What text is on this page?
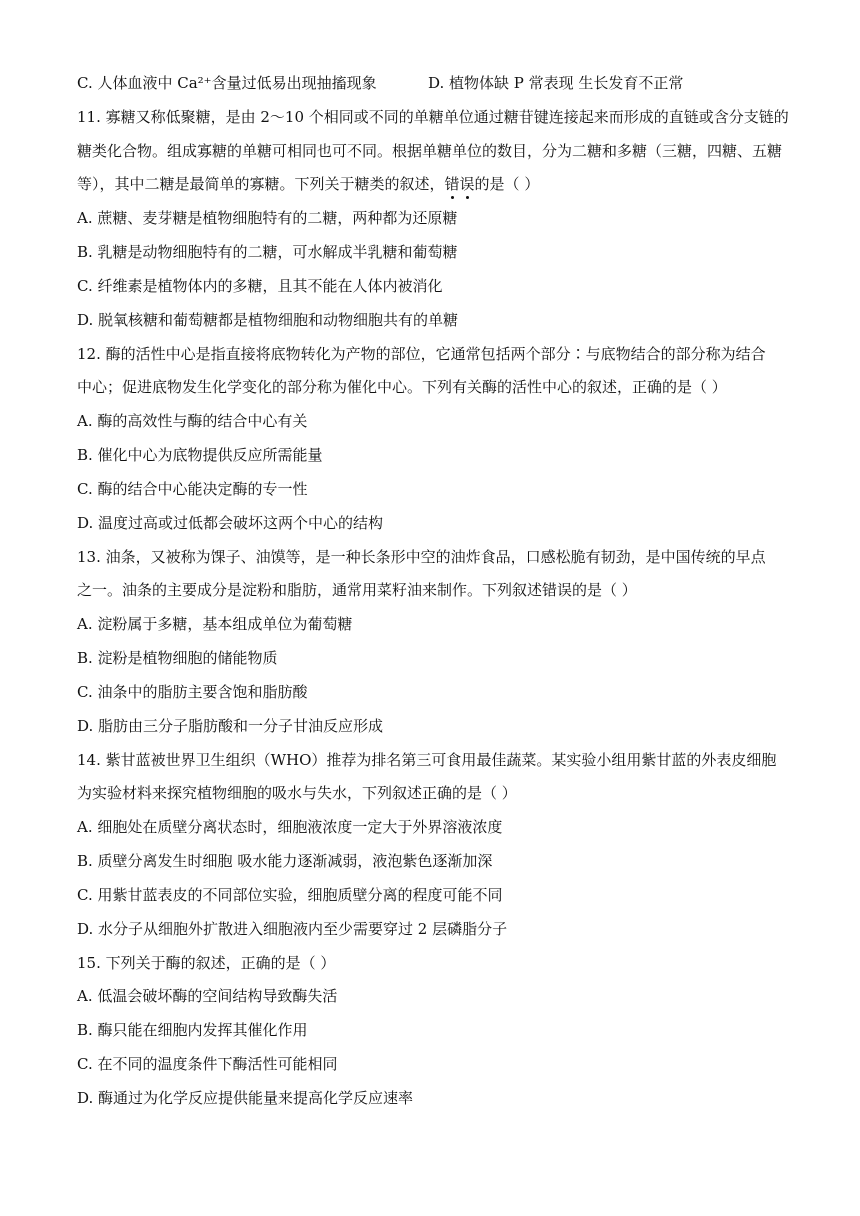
C. 人体血液中 Ca²⁺含量过低易出现抽搐现象	D. 植物体缺 P 常表现 生长发育不正常
11. 寡糖又称低聚糖，是由 2～10 个相同或不同的单糖单位通过糖苷键连接起来而形成的直链或含分支链的
糖类化合物。组成寡糖的单糖可相同也可不同。根据单糖单位的数目，分为二糖和多糖（三糖，四糖、五糖
等），其中二糖是最简单的寡糖。下列关于糖类的叙述，错误的是（ ）
A. 蔗糖、麦芽糖是植物细胞特有的二糖，两种都为还原糖
B. 乳糖是动物细胞特有的二糖，可水解成半乳糖和葡萄糖
C. 纤维素是植物体内的多糖，且其不能在人体内被消化
D. 脱氧核糖和葡萄糖都是植物细胞和动物细胞共有的单糖
12. 酶的活性中心是指直接将底物转化为产物的部位，它通常包括两个部分∶与底物结合的部分称为结合
中心；促进底物发生化学变化的部分称为催化中心。下列有关酶的活性中心的叙述，正确的是（ ）
A. 酶的高效性与酶的结合中心有关
B. 催化中心为底物提供反应所需能量
C. 酶的结合中心能决定酶的专一性
D. 温度过高或过低都会破坏这两个中心的结构
13. 油条，又被称为馃子、油馍等，是一种长条形中空的油炸食品，口感松脆有韧劲，是中国传统的早点
之一。油条的主要成分是淀粉和脂肪，通常用菜籽油来制作。下列叙述错误的是（ ）
A. 淀粉属于多糖，基本组成单位为葡萄糖
B. 淀粉是植物细胞的储能物质
C. 油条中的脂肪主要含饱和脂肪酸
D. 脂肪由三分子脂肪酸和一分子甘油反应形成
14. 紫甘蓝被世界卫生组织（WHO）推荐为排名第三可食用最佳蔬菜。某实验小组用紫甘蓝的外表皮细胞
为实验材料来探究植物细胞的吸水与失水，下列叙述正确的是（ ）
A. 细胞处在质壁分离状态时，细胞液浓度一定大于外界溶液浓度
B. 质壁分离发生时细胞 吸水能力逐渐减弱，液泡紫色逐渐加深
C. 用紫甘蓝表皮的不同部位实验，细胞质壁分离的程度可能不同
D. 水分子从细胞外扩散进入细胞液内至少需要穿过 2 层磷脂分子
15. 下列关于酶的叙述，正确的是（ ）
A. 低温会破坏酶的空间结构导致酶失活
B. 酶只能在细胞内发挥其催化作用
C. 在不同的温度条件下酶活性可能相同
D. 酶通过为化学反应提供能量来提高化学反应速率
